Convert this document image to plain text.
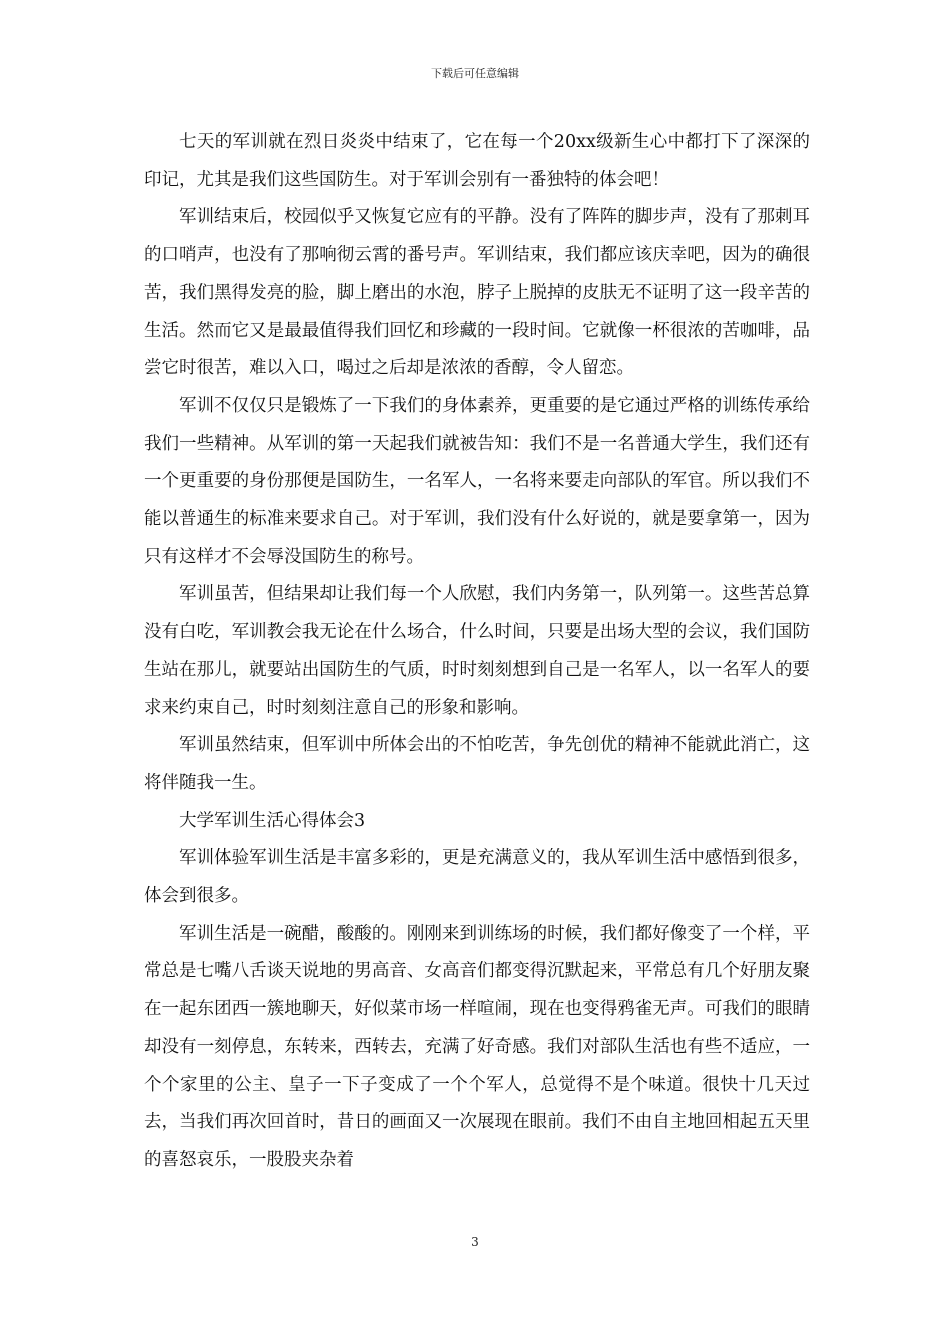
下载后可任意编辑

七天的军训就在烈日炎炎中结束了，它在每一个20xx级新生心中都打下了深深的印记，尤其是我们这些国防生。对于军训会别有一番独特的体会吧！

军训结束后，校园似乎又恢复它应有的平静。没有了阵阵的脚步声，没有了那刺耳的口哨声，也没有了那响彻云霄的番号声。军训结束，我们都应该庆幸吧，因为的确很苦，我们黑得发亮的脸，脚上磨出的水泡，脖子上脱掉的皮肤无不证明了这一段辛苦的生活。然而它又是最最值得我们回忆和珍藏的一段时间。它就像一杯很浓的苦咖啡，品尝它时很苦，难以入口，喝过之后却是浓浓的香醇，令人留恋。

军训不仅仅只是锻炼了一下我们的身体素养，更重要的是它通过严格的训练传承给我们一些精神。从军训的第一天起我们就被告知：我们不是一名普通大学生，我们还有一个更重要的身份那便是国防生，一名军人，一名将来要走向部队的军官。所以我们不能以普通生的标准来要求自己。对于军训，我们没有什么好说的，就是要拿第一，因为只有这样才不会辱没国防生的称号。

军训虽苦，但结果却让我们每一个人欣慰，我们内务第一，队列第一。这些苦总算没有白吃，军训教会我无论在什么场合，什么时间，只要是出场大型的会议，我们国防生站在那儿，就要站出国防生的气质，时时刻刻想到自己是一名军人，以一名军人的要求来约束自己，时时刻刻注意自己的形象和影响。

军训虽然结束，但军训中所体会出的不怕吃苦，争先创优的精神不能就此消亡，这将伴随我一生。

大学军训生活心得体会3

军训体验军训生活是丰富多彩的，更是充满意义的，我从军训生活中感悟到很多，体会到很多。

军训生活是一碗醋，酸酸的。刚刚来到训练场的时候，我们都好像变了一个样，平常总是七嘴八舌谈天说地的男高音、女高音们都变得沉默起来，平常总有几个好朋友聚在一起东团西一簇地聊天，好似菜市场一样喧闹，现在也变得鸦雀无声。可我们的眼睛却没有一刻停息，东转来，西转去，充满了好奇感。我们对部队生活也有些不适应，一个个家里的公主、皇子一下子变成了一个个军人，总觉得不是个味道。很快十几天过去，当我们再次回首时，昔日的画面又一次展现在眼前。我们不由自主地回相起五天里的喜怒哀乐，一股股夹杂着

3
